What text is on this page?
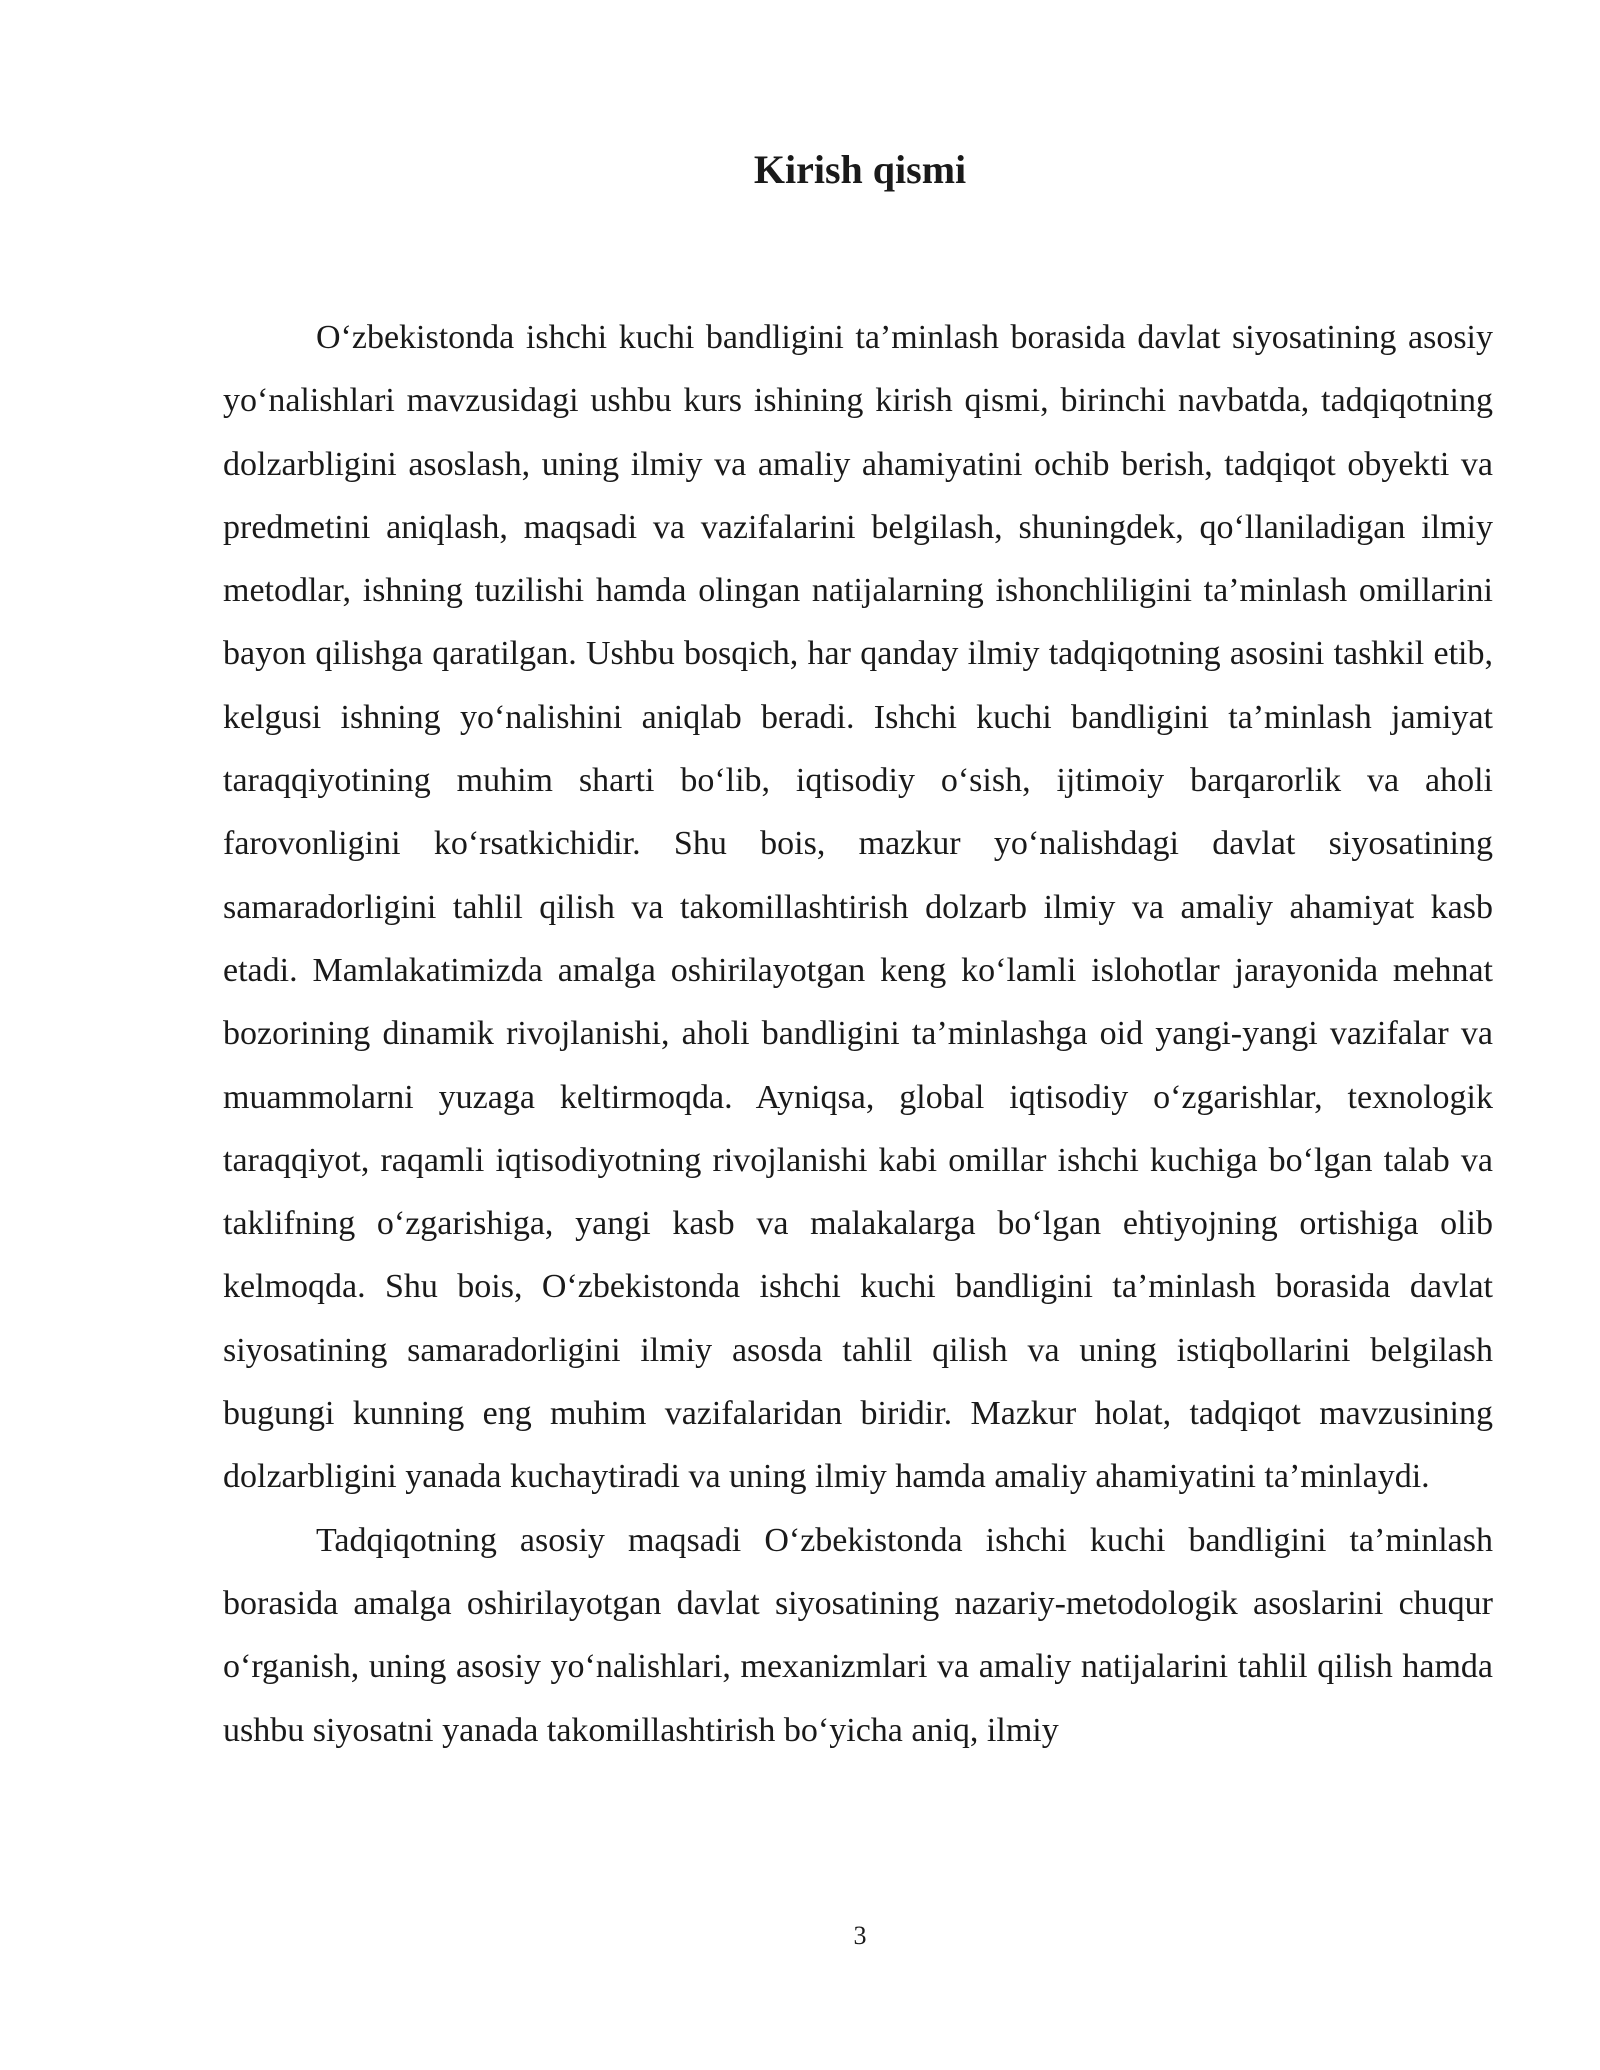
Kirish qismi

O‘zbekistonda ishchi kuchi bandligini ta’minlash borasida davlat siyosatining asosiy yo‘nalishlari mavzusidagi ushbu kurs ishining kirish qismi, birinchi navbatda, tadqiqotning dolzarbligini asoslash, uning ilmiy va amaliy ahamiyatini ochib berish, tadqiqot obyekti va predmetini aniqlash, maqsadi va vazifalarini belgilash, shuningdek, qo‘llaniladigan ilmiy metodlar, ishning tuzilishi hamda olingan natijalarning ishonchliligini ta’minlash omillarini bayon qilishga qaratilgan. Ushbu bosqich, har qanday ilmiy tadqiqotning asosini tashkil etib, kelgusi ishning yo‘nalishini aniqlab beradi. Ishchi kuchi bandligini ta’minlash jamiyat taraqqiyotining muhim sharti bo‘lib, iqtisodiy o‘sish, ijtimoiy barqarorlik va aholi farovonligini ko‘rsatkichidir. Shu bois, mazkur yo‘nalishdagi davlat siyosatining samaradorligini tahlil qilish va takomillashtirish dolzarb ilmiy va amaliy ahamiyat kasb etadi. Mamlakatimizda amalga oshirilayotgan keng ko‘lamli islohotlar jarayonida mehnat bozorining dinamik rivojlanishi, aholi bandligini ta’minlashga oid yangi-yangi vazifalar va muammolarni yuzaga keltirmoqda. Ayniqsa, global iqtisodiy o‘zgarishlar, texnologik taraqqiyot, raqamli iqtisodiyotning rivojlanishi kabi omillar ishchi kuchiga bo‘lgan talab va taklifning o‘zgarishiga, yangi kasb va malakalarga bo‘lgan ehtiyojning ortishiga olib kelmoqda. Shu bois, O‘zbekistonda ishchi kuchi bandligini ta’minlash borasida davlat siyosatining samaradorligini ilmiy asosda tahlil qilish va uning istiqbollarini belgilash bugungi kunning eng muhim vazifalaridan biridir. Mazkur holat, tadqiqot mavzusining dolzarbligini yanada kuchaytiradi va uning ilmiy hamda amaliy ahamiyatini ta’minlaydi.

Tadqiqotning asosiy maqsadi O‘zbekistonda ishchi kuchi bandligini ta’minlash borasida amalga oshirilayotgan davlat siyosatining nazariy-metodologik asoslarini chuqur o‘rganish, uning asosiy yo‘nalishlari, mexanizmlari va amaliy natijalarini tahlil qilish hamda ushbu siyosatni yanada takomillashtirish bo‘yicha aniq, ilmiy

3
